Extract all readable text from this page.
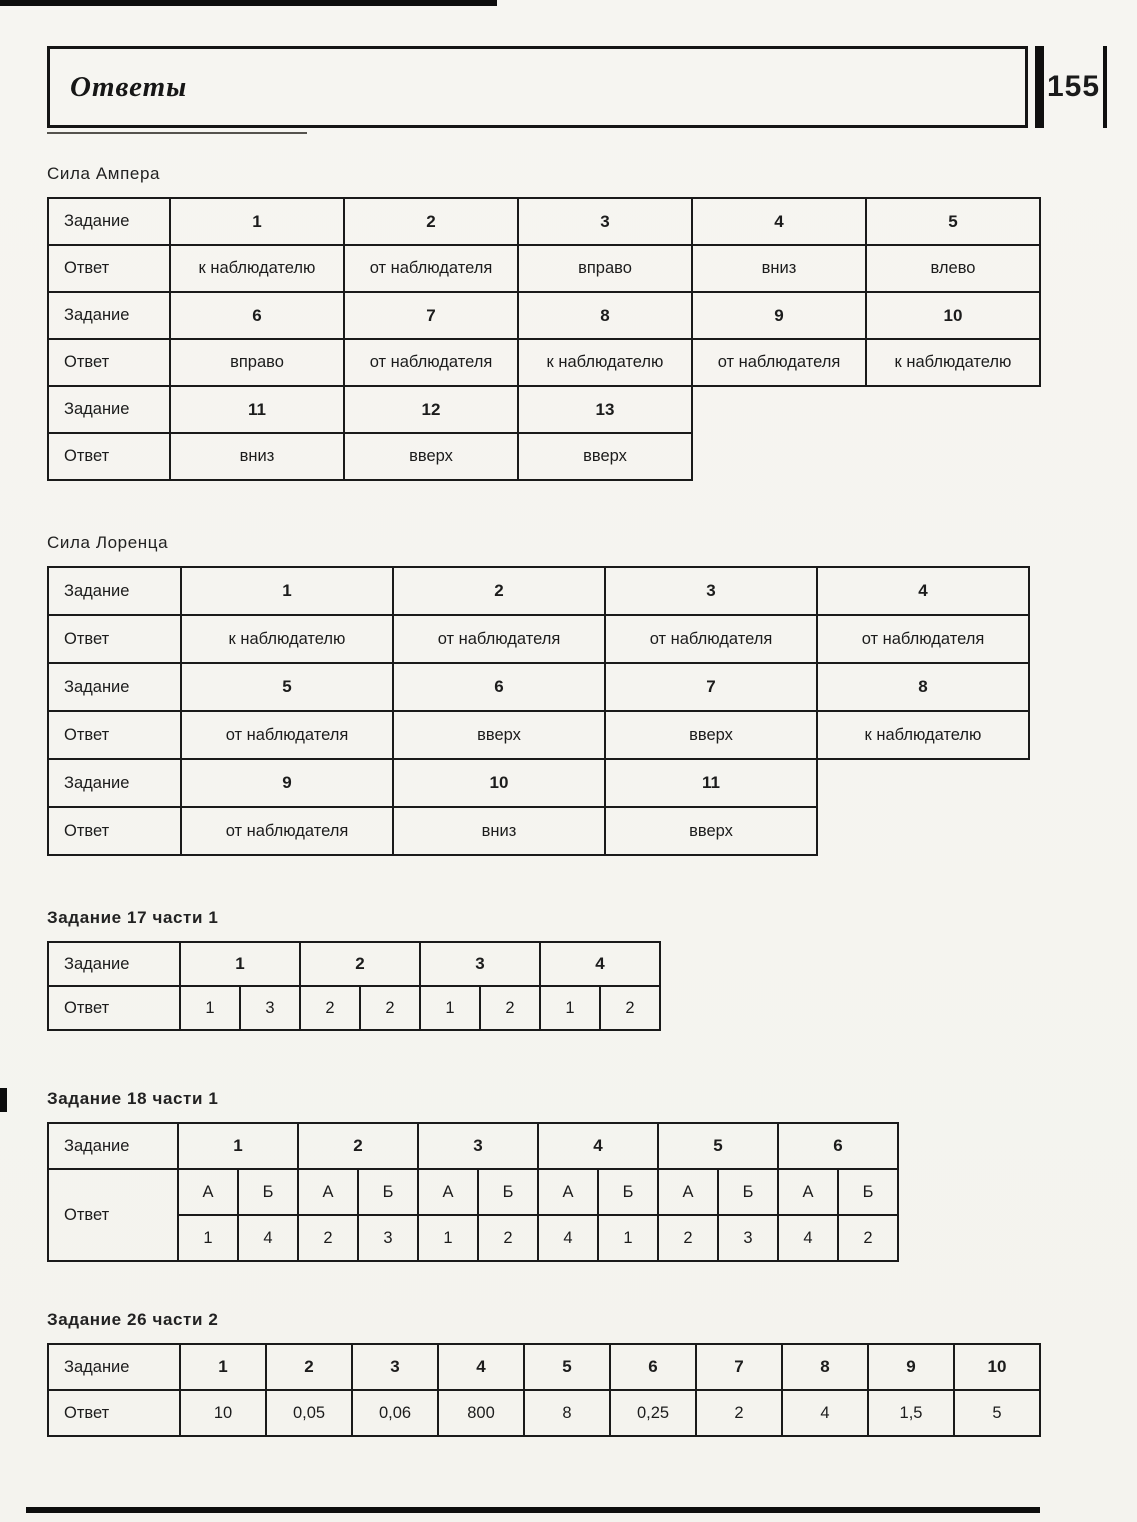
Ответы	155
Сила Ампера
Задание	1	2	3	4	5
Ответ	к наблюдателю	от наблюдателя	вправо	вниз	влево
Задание	6	7	8	9	10
Ответ	вправо	от наблюдателя	к наблюдателю	от наблюдателя	к наблюдателю
Задание	11	12	13		
Ответ	вниз	вверх	вверх		
Сила Лоренца
Задание	1	2	3	4
Ответ	к наблюдателю	от наблюдателя	от наблюдателя	от наблюдателя
Задание	5	6	7	8
Ответ	от наблюдателя	вверх	вверх	к наблюдателю
Задание	9	10	11	
Ответ	от наблюдателя	вниз	вверх	
Задание 17 части 1
Задание	1		2		3		4	
Ответ	1	3	2	2	1	2	1	2
Задание 18 части 1
Задание	1		2		3		4		5		6	
Ответ	А	Б	А	Б	А	Б	А	Б	А	Б	А	Б
	1	4	2	3	1	2	4	1	2	3	4	2
Задание 26 части 2
Задание	1	2	3	4	5	6	7	8	9	10
Ответ	10	0,05	0,06	800	8	0,25	2	4	1,5	5
